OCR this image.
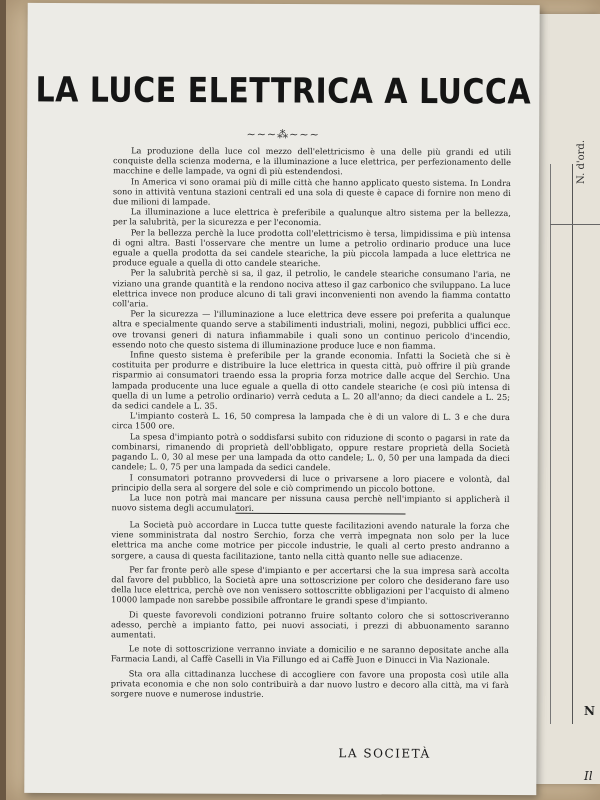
N. d'ord.
N
Il
LA LUCE ELETTRICA A LUCCA
~~~⁂~~~

La produzione della luce col mezzo dell'elettricismo è una delle più grandi ed utili conquiste della scienza moderna, e la illuminazione a luce elettrica, per perfezionamento delle macchine e delle lampade, va ogni dì più estendendosi.

In America vi sono oramai più di mille città che hanno applicato questo sistema. In Londra sono in attività ventuna stazioni centrali ed una sola di queste è capace di fornire non meno di due milioni di lampade.

La illuminazione a luce elettrica è preferibile a qualunque altro sistema per la bellezza, per la salubrità, per la sicurezza e per l'economia.

Per la bellezza perchè la luce prodotta coll'elettricismo è tersa, limpidissima e più intensa di ogni altra. Basti l'osservare che mentre un lume a petrolio ordinario produce una luce eguale a quella prodotta da sei candele steariche, la più piccola lampada a luce elettrica ne produce eguale a quella di otto candele steariche.

Per la salubrità perchè si sa, il gaz, il petrolio, le candele steariche consumano l'aria, ne viziano una grande quantità e la rendono nociva atteso il gaz carbonico che sviluppano. La luce elettrica invece non produce alcuno di tali gravi inconvenienti non avendo la fiamma contatto coll'aria.

Per la sicurezza — l'illuminazione a luce elettrica deve essere poi preferita a qualunque altra e specialmente quando serve a stabilimenti industriali, molini, negozi, pubblici uffici ecc. ove trovansi generi di natura infiammabile i quali sono un continuo pericolo d'incendio, essendo noto che questo sistema di illuminazione produce luce e non fiamma.

Infine questo sistema è preferibile per la grande economia. Infatti la Società che si è costituita per produrre e distribuire la luce elettrica in questa città, può offrire il più grande risparmio ai consumatori traendo essa la propria forza motrice dalle acque del Serchio. Una lampada producente una luce eguale a quella di otto candele steariche (e così più intensa di quella di un lume a petrolio ordinario) verrà ceduta a L. 20 all'anno; da dieci candele a L. 25; da sedici candele a L. 35.

L'impianto costerà L. 16, 50 compresa la lampada che è di un valore di L. 3 e che dura circa 1500 ore.

La spesa d'impianto potrà o soddisfarsi subito con riduzione di sconto o pagarsi in rate da combinarsi, rimanendo di proprietà dell'obbligato, oppure restare proprietà della Società pagando L. 0, 30 al mese per una lampada da otto candele; L. 0, 50 per una lampada da dieci candele; L. 0, 75 per una lampada da sedici candele.

I consumatori potranno provvedersi di luce o privarsene a loro piacere e volontà, dal principio della sera al sorgere del sole e ciò comprimendo un piccolo bottone.

La luce non potrà mai mancare per nissuna causa perchè nell'impianto si applicherà il nuovo sistema degli accumulatori.

La Società può accordare in Lucca tutte queste facilitazioni avendo naturale la forza che viene somministrata dal nostro Serchio, forza che verrà impegnata non solo per la luce elettrica ma anche come motrice per piccole industrie, le quali al certo presto andranno a sorgere, a causa di questa facilitazione, tanto nella città quanto nelle sue adiacenze.

Per far fronte però alle spese d'impianto e per accertarsi che la sua impresa sarà accolta dal favore del pubblico, la Società apre una sottoscrizione per coloro che desiderano fare uso della luce elettrica, perchè ove non venissero sottoscritte obbligazioni per l'acquisto di almeno 10000 lampade non sarebbe possibile affrontare le grandi spese d'impianto.

Di queste favorevoli condizioni potranno fruire soltanto coloro che si sottoscriveranno adesso, perchè a impianto fatto, pei nuovi associati, i prezzi di abbuonamento saranno aumentati.

Le note di sottoscrizione verranno inviate a domicilio e ne saranno depositate anche alla Farmacia Landi, al Caffè Caselli in Via Fillungo ed ai Caffè Juon e Dinucci in Via Nazionale.

Sta ora alla cittadinanza lucchese di accogliere con favore una proposta così utile alla privata economia e che non solo contribuirà a dar nuovo lustro e decoro alla città, ma vi farà sorgere nuove e numerose industrie.

LA SOCIETÀ
